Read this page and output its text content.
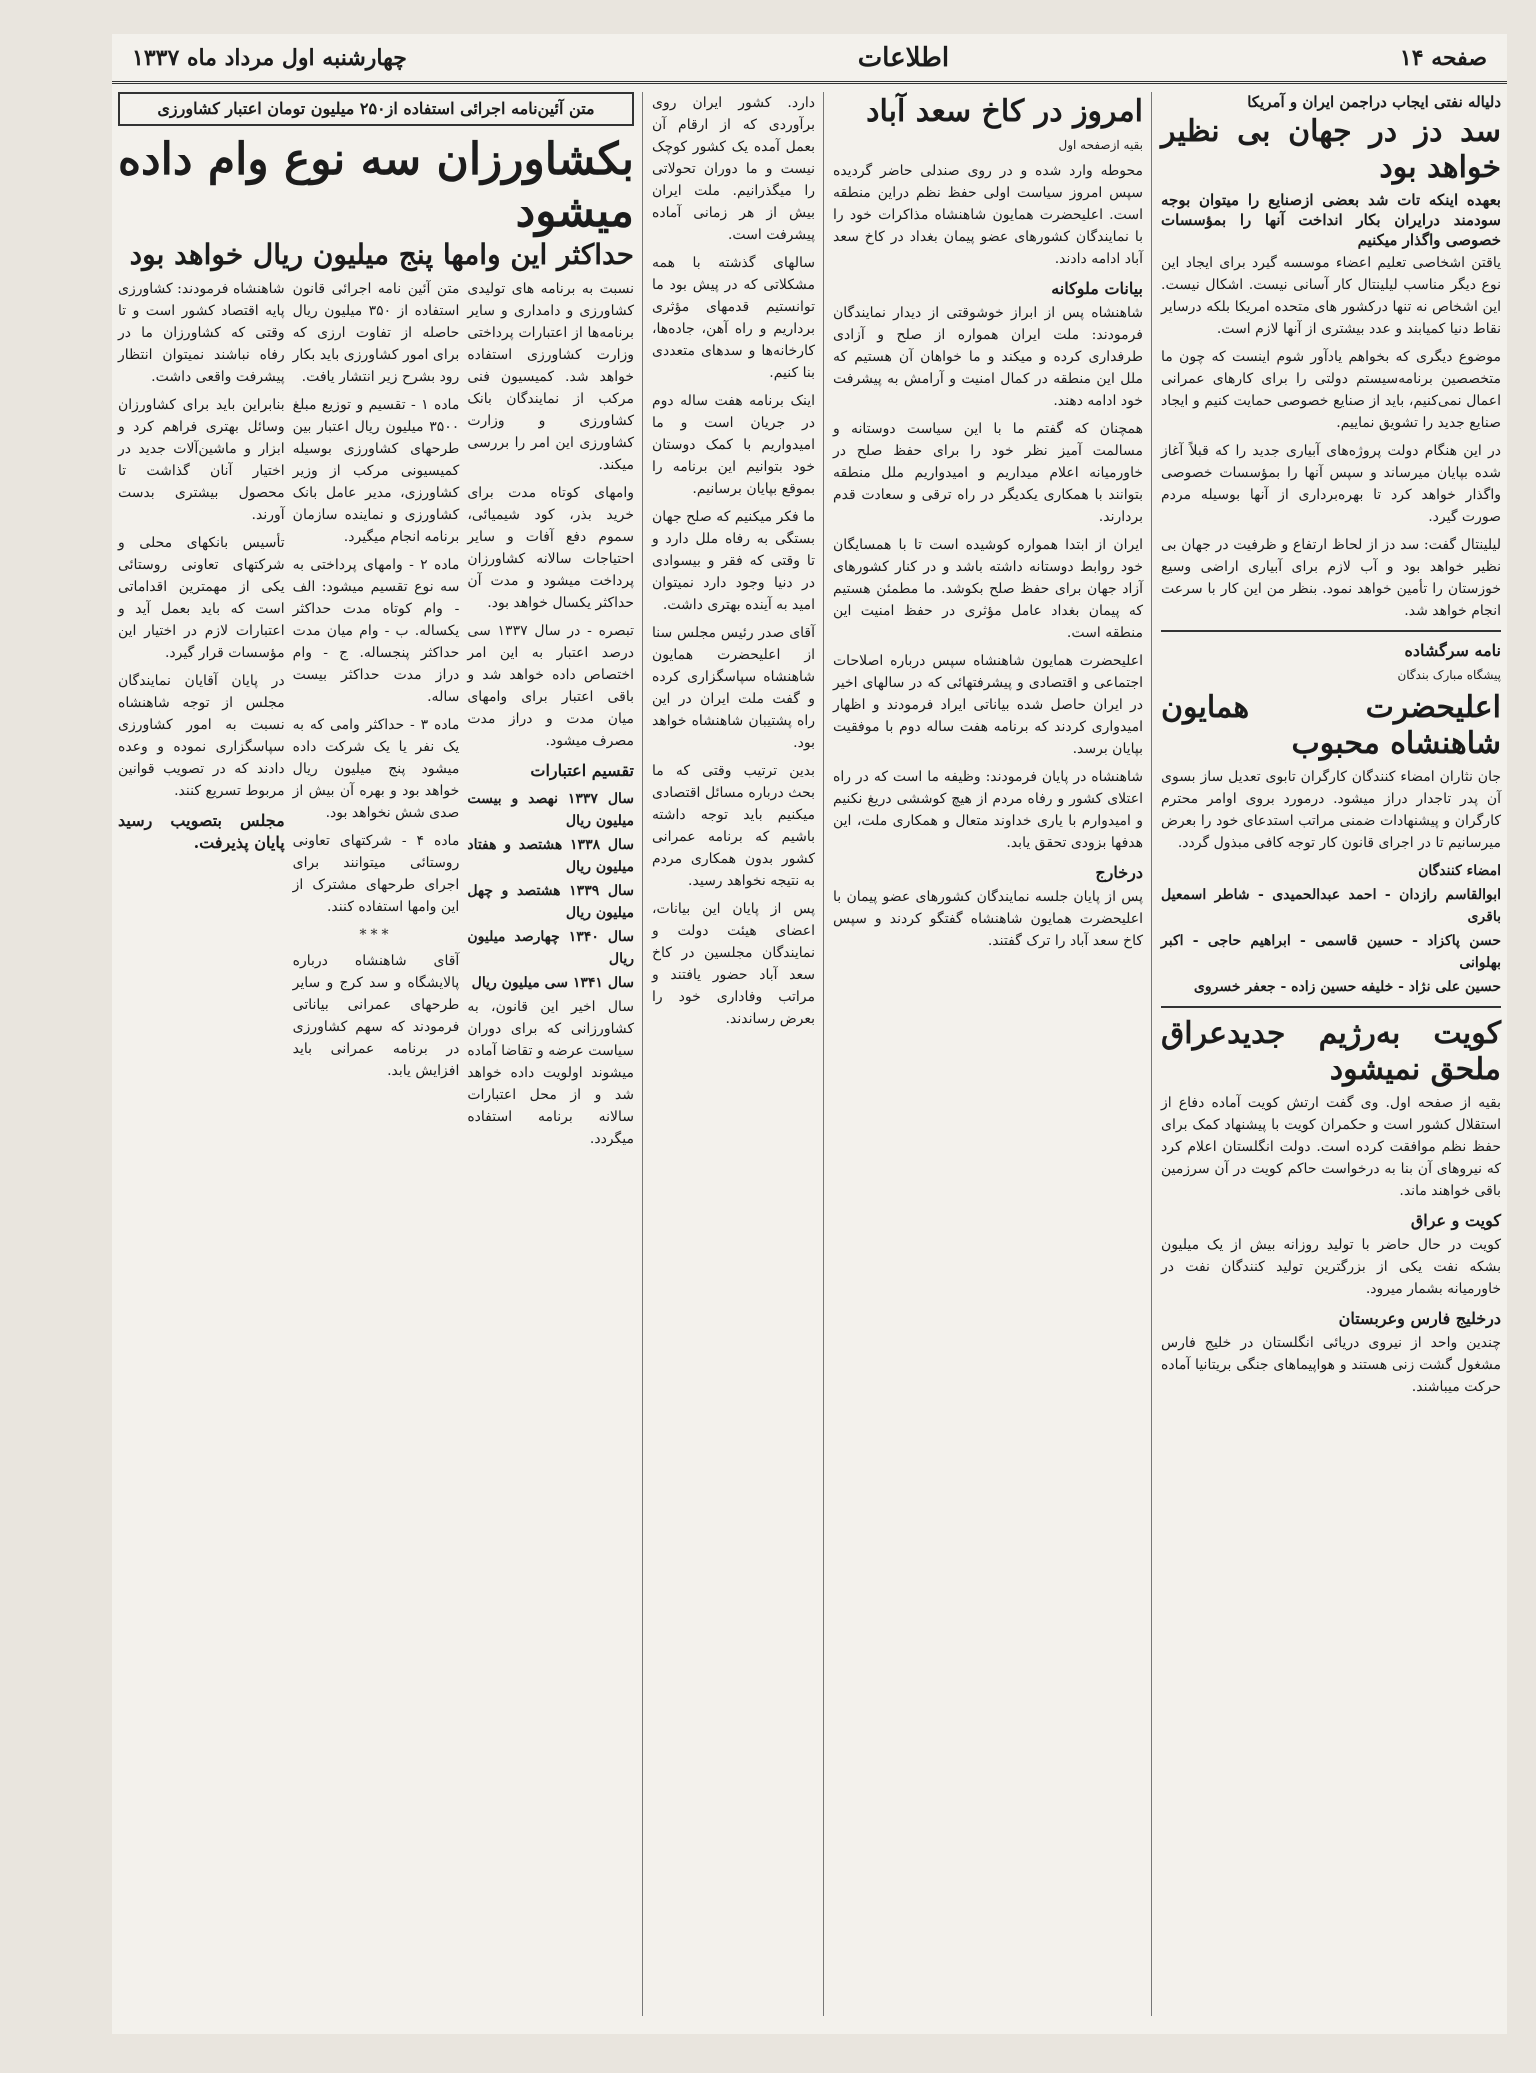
صفحه ۱۴
اطلاعات
چهارشنبه اول مرداد ماه ۱۳۳۷
دلیاله نفتی ایجاب دراجمن ایران و آمریکا
سد دز در جهان بی نظیر خواهد بود
بعهده اینکه تات شد بعضی ازصنایع را میتوان بوجه سودمند درایران بکار انداخت آنها را بمؤسسات خصوصی واگذار میکنیم

یاقتن اشخاصی تعلیم اعضاء موسسه گیرد برای ایجاد این نوع دیگر مناسب لیلینتال کار آسانی نیست. اشکال نیست. این اشخاص نه تنها درکشور های متحده امریکا بلکه درسایر نقاط دنیا کمیابند و عدد بیشتری از آنها لازم است.

موضوع دیگری که بخواهم یادآور شوم اینست که چون ما متخصصین برنامه‌سیستم دولتی را برای کارهای عمرانی اعمال نمی‌کنیم، باید از صنایع خصوصی حمایت کنیم و ایجاد صنایع جدید را تشویق نماییم.

در این هنگام دولت پروژه‌های آبیاری جدید را که قبلاً آغاز شده بپایان میرساند و سپس آنها را بمؤسسات خصوصی واگذار خواهد کرد تا بهره‌برداری از آنها بوسیله مردم صورت گیرد.

لیلینتال گفت: سد دز از لحاظ ارتفاع و ظرفیت در جهان بی نظیر خواهد بود و آب لازم برای آبیاری اراضی وسیع خوزستان را تأمین خواهد نمود. بنظر من این کار با سرعت انجام خواهد شد.

نامه سرگشاده
پیشگاه مبارک بندگان
اعلیحضرت همایون شاهنشاه محبوب

جان نثاران امضاء کنندگان کارگران تابوی تعدیل ساز بسوی آن پدر تاجدار دراز میشود. درمورد بروی اوامر محترم کارگران و پیشنهادات ضمنی مراتب استدعای خود را بعرض میرسانیم تا در اجرای قانون کار توجه کافی مبذول گردد.

امضاء کنندگان
ابوالقاسم رازدان - احمد عبدالحمیدی - شاطر اسمعیل باقری
حسن پاکزاد - حسین قاسمی - ابراهیم حاجی - اکبر بهلوانی
حسین علی نژاد - خلیفه حسین زاده - جعفر خسروی
کویت به‌رژیم جدیدعراق ملحق نمیشود

بقیه از صفحه اول. وی گفت ارتش کویت آماده دفاع از استقلال کشور است و حکمران کویت با پیشنهاد کمک برای حفظ نظم موافقت کرده است. دولت انگلستان اعلام کرد که نیروهای آن بنا به درخواست حاکم کویت در آن سرزمین باقی خواهند ماند.

کویت و عراق

کویت در حال حاضر با تولید روزانه بیش از یک میلیون بشکه نفت یکی از بزرگترین تولید کنندگان نفت در خاورمیانه بشمار میرود.

درخلیج فارس وعربستان

چندین واحد از نیروی دریائی انگلستان در خلیج فارس مشغول گشت زنی هستند و هواپیماهای جنگی بریتانیا آماده حرکت میباشند.

امروز در کاخ سعد آباد
بقیه ازصفحه اول

محوطه وارد شده و در روی صندلی حاضر گردیده سپس امروز سیاست اولی حفظ نظم دراین منطقه است. اعلیحضرت همایون شاهنشاه مذاکرات خود را با نمایندگان کشورهای عضو پیمان بغداد در کاخ سعد آباد ادامه دادند.

بیانات ملوکانه

شاهنشاه پس از ابراز خوشوقتی از دیدار نمایندگان فرمودند: ملت ایران همواره از صلح و آزادی طرفداری کرده و میکند و ما خواهان آن هستیم که ملل این منطقه در کمال امنیت و آرامش به پیشرفت خود ادامه دهند.

همچنان که گفتم ما با این سیاست دوستانه و مسالمت آمیز نظر خود را برای حفظ صلح در خاورمیانه اعلام میداریم و امیدواریم ملل منطقه بتوانند با همکاری یکدیگر در راه ترقی و سعادت قدم بردارند.

ایران از ابتدا همواره کوشیده است تا با همسایگان خود روابط دوستانه داشته باشد و در کنار کشورهای آزاد جهان برای حفظ صلح بکوشد. ما مطمئن هستیم که پیمان بغداد عامل مؤثری در حفظ امنیت این منطقه است.

اعلیحضرت همایون شاهنشاه سپس درباره اصلاحات اجتماعی و اقتصادی و پیشرفتهائی که در سالهای اخیر در ایران حاصل شده بیاناتی ایراد فرمودند و اظهار امیدواری کردند که برنامه هفت ساله دوم با موفقیت بپایان برسد.

شاهنشاه در پایان فرمودند: وظیفه ما است که در راه اعتلای کشور و رفاه مردم از هیچ کوششی دریغ نکنیم و امیدوارم با یاری خداوند متعال و همکاری ملت، این هدفها بزودی تحقق یابد.

درخارج

پس از پایان جلسه نمایندگان کشورهای عضو پیمان با اعلیحضرت همایون شاهنشاه گفتگو کردند و سپس کاخ سعد آباد را ترک گفتند.

دارد. کشور ایران روی برآوردی که از ارقام آن بعمل آمده یک کشور کوچک نیست و ما دوران تحولاتی را میگذرانیم. ملت ایران بیش از هر زمانی آماده پیشرفت است.

سالهای گذشته با همه مشکلاتی که در پیش بود ما توانستیم قدمهای مؤثری برداریم و راه آهن، جاده‌ها، کارخانه‌ها و سدهای متعددی بنا کنیم.

اینک برنامه هفت ساله دوم در جریان است و ما امیدواریم با کمک دوستان خود بتوانیم این برنامه را بموقع بپایان برسانیم.

ما فکر میکنیم که صلح جهان بستگی به رفاه ملل دارد و تا وقتی که فقر و بیسوادی در دنیا وجود دارد نمیتوان امید به آینده بهتری داشت.

آقای صدر رئیس مجلس سنا از اعلیحضرت همایون شاهنشاه سپاسگزاری کرده و گفت ملت ایران در این راه پشتیبان شاهنشاه خواهد بود.

بدین ترتیب وقتی که ما بحث درباره مسائل اقتصادی میکنیم باید توجه داشته باشیم که برنامه عمرانی کشور بدون همکاری مردم به نتیجه نخواهد رسید.

پس از پایان این بیانات، اعضای هیئت دولت و نمایندگان مجلسین در کاخ سعد آباد حضور یافتند و مراتب وفاداری خود را بعرض رساندند.

متن آئین‌نامه اجرائی استفاده از۲۵۰ میلیون تومان اعتبار کشاورزی
بکشاورزان سه نوع وام داده میشود
حداکثر این وامها پنج میلیون ریال خواهد بود

نسبت به برنامه های تولیدی کشاورزی و دامداری و سایر برنامه‌ها از اعتبارات پرداختی وزارت کشاورزی استفاده خواهد شد. کمیسیون فنی مرکب از نمایندگان بانک کشاورزی و وزارت کشاورزی این امر را بررسی میکند.

وامهای کوتاه مدت برای خرید بذر، کود شیمیائی، سموم دفع آفات و سایر احتیاجات سالانه کشاورزان پرداخت میشود و مدت آن حداکثر یکسال خواهد بود.

تبصره - در سال ۱۳۳۷ سی درصد اعتبار به این امر اختصاص داده خواهد شد و باقی اعتبار برای وامهای میان مدت و دراز مدت مصرف میشود.

تقسیم اعتبارات
سال ۱۳۳۷ نهصد و بیست میلیون ریال
سال ۱۳۳۸ هشتصد و هفتاد میلیون ریال
سال ۱۳۳۹ هشتصد و چهل میلیون ریال
سال ۱۳۴۰ چهارصد میلیون ریال
سال ۱۳۴۱ سی میلیون ریال

سال اخیر این قانون، به کشاورزانی که برای دوران سیاست عرضه و تقاضا آماده میشوند اولویت داده خواهد شد و از محل اعتبارات سالانه برنامه استفاده میگردد.

متن آئین نامه اجرائی قانون استفاده از ۳۵۰ میلیون ریال حاصله از تفاوت ارزی که برای امور کشاورزی باید بکار رود بشرح زیر انتشار یافت.

ماده ۱ - تقسیم و توزیع مبلغ ۳۵۰۰ میلیون ریال اعتبار بین طرحهای کشاورزی بوسیله کمیسیونی مرکب از وزیر کشاورزی، مدیر عامل بانک کشاورزی و نماینده سازمان برنامه انجام میگیرد.

ماده ۲ - وامهای پرداختی به سه نوع تقسیم میشود: الف - وام کوتاه مدت حداکثر یکساله. ب - وام میان مدت حداکثر پنجساله. ج - وام دراز مدت حداکثر بیست ساله.

ماده ۳ - حداکثر وامی که به یک نفر یا یک شرکت داده میشود پنج میلیون ریال خواهد بود و بهره آن بیش از صدی شش نخواهد بود.

ماده ۴ - شرکتهای تعاونی روستائی میتوانند برای اجرای طرحهای مشترک از این وامها استفاده کنند.

***

آقای شاهنشاه درباره پالایشگاه و سد کرج و سایر طرحهای عمرانی بیاناتی فرمودند که سهم کشاورزی در برنامه عمرانی باید افزایش یابد.

شاهنشاه فرمودند: کشاورزی پایه اقتصاد کشور است و تا وقتی که کشاورزان ما در رفاه نباشند نمیتوان انتظار پیشرفت واقعی داشت.

بنابراین باید برای کشاورزان وسائل بهتری فراهم کرد و ابزار و ماشین‌آلات جدید در اختیار آنان گذاشت تا محصول بیشتری بدست آورند.

تأسیس بانکهای محلی و شرکتهای تعاونی روستائی یکی از مهمترین اقداماتی است که باید بعمل آید و اعتبارات لازم در اختیار این مؤسسات قرار گیرد.

در پایان آقایان نمایندگان مجلس از توجه شاهنشاه نسبت به امور کشاورزی سپاسگزاری نموده و وعده دادند که در تصویب قوانین مربوط تسریع کنند.

مجلس بتصویب رسید پایان پذیرفت.
